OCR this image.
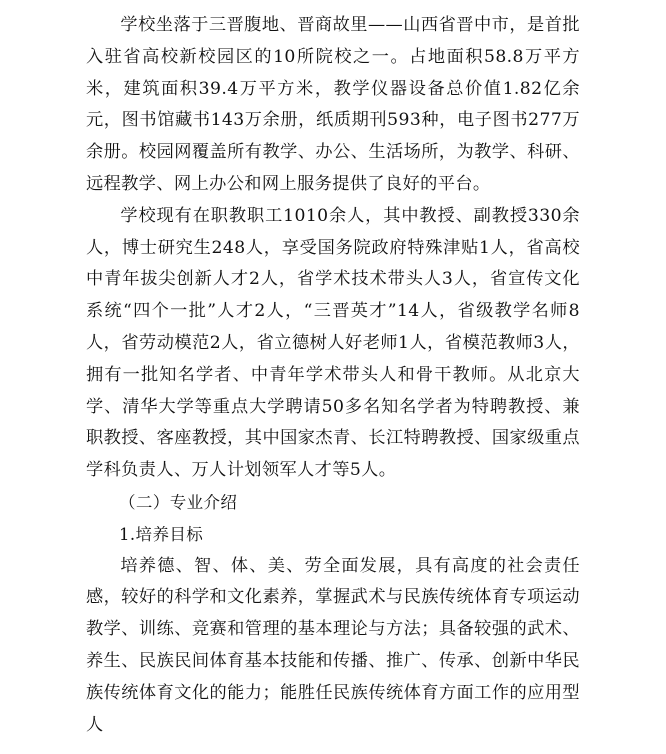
学校坐落于三晋腹地、晋商故里——山西省晋中市，是首批入驻省高校新校园区的10所院校之一。占地面积58.8万平方米，建筑面积39.4万平方米，教学仪器设备总价值1.82亿余元，图书馆藏书143万余册，纸质期刊593种，电子图书277万余册。校园网覆盖所有教学、办公、生活场所，为教学、科研、远程教学、网上办公和网上服务提供了良好的平台。

学校现有在职教职工1010余人，其中教授、副教授330余人，博士研究生248人，享受国务院政府特殊津贴1人，省高校中青年拔尖创新人才2人，省学术技术带头人3人，省宣传文化系统“四个一批”人才2人，“三晋英才”14人，省级教学名师8人，省劳动模范2人，省立德树人好老师1人，省模范教师3人，拥有一批知名学者、中青年学术带头人和骨干教师。从北京大学、清华大学等重点大学聘请50多名知名学者为特聘教授、兼职教授、客座教授，其中国家杰青、长江特聘教授、国家级重点学科负责人、万人计划领军人才等5人。

（二）专业介绍

1.培养目标

培养德、智、体、美、劳全面发展，具有高度的社会责任感，较好的科学和文化素养，掌握武术与民族传统体育专项运动教学、训练、竞赛和管理的基本理论与方法；具备较强的武术、养生、民族民间体育基本技能和传播、推广、传承、创新中华民族传统体育文化的能力；能胜任民族传统体育方面工作的应用型人
